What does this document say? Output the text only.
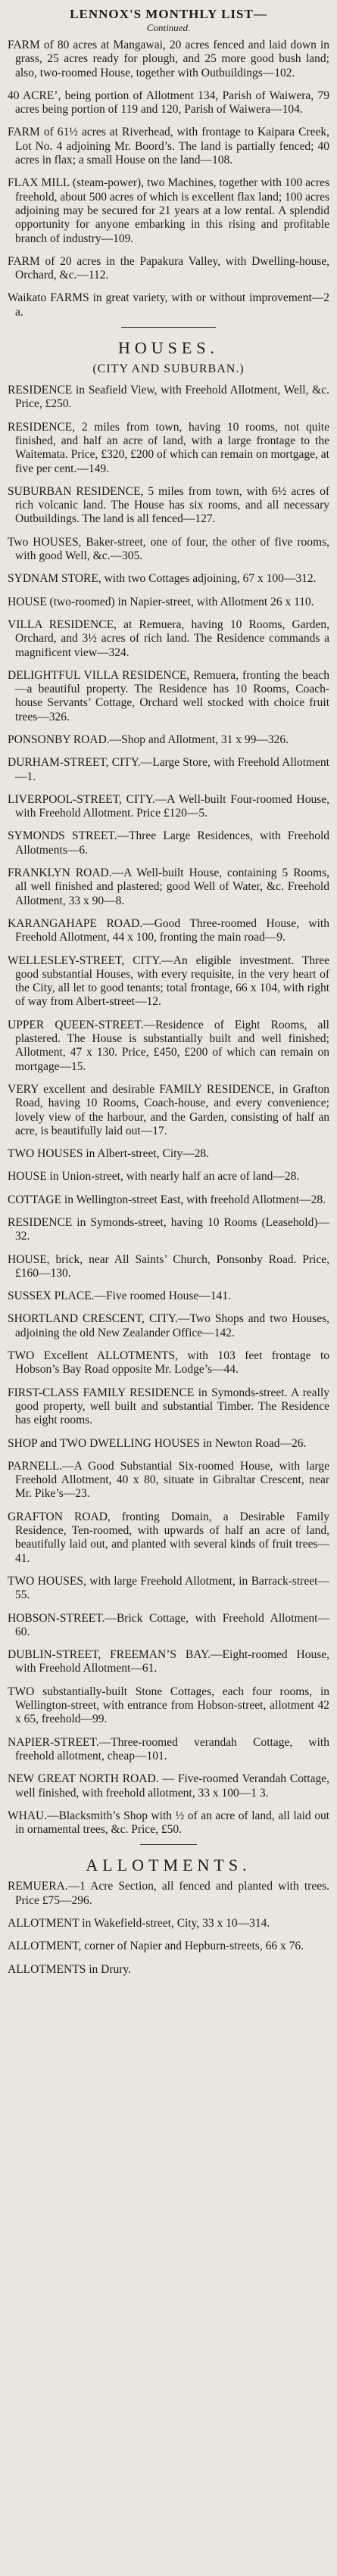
LENNOX'S MONTHLY LIST—
Continued.

FARM of 80 acres at Mangawai, 20 acres fenced and laid down in grass, 25 acres ready for plough, and 25 more good bush land; also, two-roomed House, together with Outbuildings—102.

40 ACRE’, being portion of Allotment 134, Parish of Waiwera, 79 acres being portion of 119 and 120, Parish of Waiwera—104.

FARM of 61½ acres at Riverhead, with frontage to Kaipara Creek, Lot No. 4 adjoining Mr. Boord’s. The land is partially fenced; 40 acres in flax; a small House on the land—108.

FLAX MILL (steam-power), two Machines, together with 100 acres freehold, about 500 acres of which is excellent flax land; 100 acres adjoining may be secured for 21 years at a low rental. A splendid opportunity for anyone embarking in this rising and profitable branch of industry—109.

FARM of 20 acres in the Papakura Valley, with Dwelling-house, Orchard, &c.—112.

Waikato FARMS in great variety, with or without improvement—2 a.

HOUSES.
(CITY AND SUBURBAN.)

RESIDENCE in Seafield View, with Freehold Allotment, Well, &c. Price, £250.

RESIDENCE, 2 miles from town, having 10 rooms, not quite finished, and half an acre of land, with a large frontage to the Waitemata. Price, £320, £200 of which can remain on mortgage, at five per cent.—149.

SUBURBAN RESIDENCE, 5 miles from town, with 6½ acres of rich volcanic land. The House has six rooms, and all necessary Outbuildings. The land is all fenced—127.

Two HOUSES, Baker-street, one of four, the other of five rooms, with good Well, &c.—305.

SYDNAM STORE, with two Cottages adjoining, 67 x 100—312.

HOUSE (two-roomed) in Napier-street, with Allotment 26 x 110.

VILLA RESIDENCE, at Remuera, having 10 Rooms, Garden, Orchard, and 3½ acres of rich land. The Residence commands a magnificent view—324.

DELIGHTFUL VILLA RESIDENCE, Remuera, fronting the beach—a beautiful property. The Residence has 10 Rooms, Coach-house Servants’ Cottage, Orchard well stocked with choice fruit trees—326.

PONSONBY ROAD.—Shop and Allotment, 31 x 99—326.

DURHAM-STREET, CITY.—Large Store, with Freehold Allotment—1.

LIVERPOOL-STREET, CITY.—A Well-built Four-roomed House, with Freehold Allotment. Price £120—5.

SYMONDS STREET.—Three Large Residences, with Freehold Allotments—6.

FRANKLYN ROAD.—A Well-built House, containing 5 Rooms, all well finished and plastered; good Well of Water, &c. Freehold Allotment, 33 x 90—8.

KARANGAHAPE ROAD.—Good Three-roomed House, with Freehold Allotment, 44 x 100, fronting the main road—9.

WELLESLEY-STREET, CITY.—An eligible investment. Three good substantial Houses, with every requisite, in the very heart of the City, all let to good tenants; total frontage, 66 x 104, with right of way from Albert-street—12.

UPPER QUEEN-STREET.—Residence of Eight Rooms, all plastered. The House is substantially built and well finished; Allotment, 47 x 130. Price, £450, £200 of which can remain on mortgage—15.

VERY excellent and desirable FAMILY RESIDENCE, in Grafton Road, having 10 Rooms, Coach-house, and every convenience; lovely view of the harbour, and the Garden, consisting of half an acre, is beautifully laid out—17.

TWO HOUSES in Albert-street, City—28.

HOUSE in Union-street, with nearly half an acre of land—28.

COTTAGE in Wellington-street East, with freehold Allotment—28.

RESIDENCE in Symonds-street, having 10 Rooms (Leasehold)—32.

HOUSE, brick, near All Saints’ Church, Ponsonby Road. Price, £160—130.

SUSSEX PLACE.—Five roomed House—141.

SHORTLAND CRESCENT, CITY.—Two Shops and two Houses, adjoining the old New Zealander Office—142.

TWO Excellent ALLOTMENTS, with 103 feet frontage to Hobson’s Bay Road opposite Mr. Lodge’s—44.

FIRST-CLASS FAMILY RESIDENCE in Symonds-street. A really good property, well built and substantial Timber. The Residence has eight rooms.

SHOP and TWO DWELLING HOUSES in Newton Road—26.

PARNELL.—A Good Substantial Six-roomed House, with large Freehold Allotment, 40 x 80, situate in Gibraltar Crescent, near Mr. Pike’s—23.

GRAFTON ROAD, fronting Domain, a Desirable Family Residence, Ten-roomed, with upwards of half an acre of land, beautifully laid out, and planted with several kinds of fruit trees—41.

TWO HOUSES, with large Freehold Allotment, in Barrack-street—55.

HOBSON-STREET.—Brick Cottage, with Freehold Allotment—60.

DUBLIN-STREET, FREEMAN’S BAY.—Eight-roomed House, with Freehold Allotment—61.

TWO substantially-built Stone Cottages, each four rooms, in Wellington-street, with entrance from Hobson-street, allotment 42 x 65, freehold—99.

NAPIER-STREET.—Three-roomed verandah Cottage, with freehold allotment, cheap—101.

NEW GREAT NORTH ROAD. — Five-roomed Verandah Cottage, well finished, with freehold allotment, 33 x 100—1 3.

WHAU.—Blacksmith’s Shop with ½ of an acre of land, all laid out in ornamental trees, &c. Price, £50.

ALLOTMENTS.

REMUERA.—1 Acre Section, all fenced and planted with trees. Price £75—296.

ALLOTMENT in Wakefield-street, City, 33 x 10—314.

ALLOTMENT, corner of Napier and Hepburn-streets, 66 x 76.

ALLOTMENTS in Drury.
